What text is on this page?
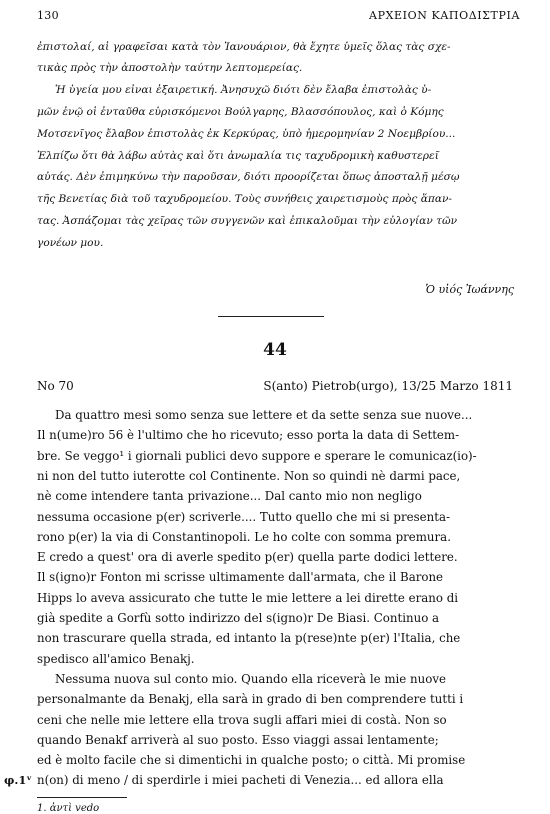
130	ΑΡΧΕΙΟΝ ΚΑΠΟΔΙΣΤΡΙΑ
ἐπιστολαί, αἱ γραφεῖσαι κατὰ τὸν Ἰανουάριον, θὰ ἔχητε ὑμεῖς ὅλας τὰς σχε-
τικὰς πρὸς τὴν ἀποστολὴν ταύτην λεπτομερείας.
Ἡ ὑγεία μου εἶναι ἐξαιρετική. Ἀνησυχῶ διότι δὲν ἔλαβα ἐπιστολὰς ὑ-
μῶν ἐνῷ οἱ ἐνταῦθα εὑρισκόμενοι Βούλγαρης, Βλασσόπουλος, καὶ ὁ Κόμης
Μοτσενῖγος ἔλαβον ἐπιστολὰς ἐκ Κερκύρας, ὑπὸ ἡμερομηνίαν 2 Νοεμβρίου...
Ἐλπίζω ὅτι θὰ λάβω αὐτὰς καὶ ὅτι ἀνωμαλία τις ταχυδρομικὴ καθυστερεῖ
αὐτάς. Δὲν ἐπιμηκύνω τὴν παροῦσαν, διότι προορίζεται ὅπως ἀποσταλῇ μέσῳ
τῆς Βενετίας διὰ τοῦ ταχυδρομείου. Τοὺς συνήθεις χαιρετισμοὺς πρὸς ἅπαν-
τας. Ἀσπάζομαι τὰς χεῖρας τῶν συγγενῶν καὶ ἐπικαλοῦμαι τὴν εὐλογίαν τῶν
γονέων μου.
Ὁ υἱός Ἰωάννης
44
No 70	S(anto) Pietrob(urgo), 13/25 Marzo 1811
Da quattro mesi somo senza sue lettere et da sette senza sue nuove...
Il n(ume)ro 56 è l'ultimo che ho ricevuto; esso porta la data di Settem-
bre. Se veggo¹ i giornali publici devo suppore e sperare le comunicaz(io)-
ni non del tutto iuterotte col Continente. Non so quindi nè darmi pace,
nè come intendere tanta privazione... Dal canto mio non negligo
nessuma occasione p(er) scriverle.... Tutto quello che mi si presenta-
rono p(er) la via di Constantinopoli. Le ho colte con somma premura.
E credo a quest' ora di averle spedito p(er) quella parte dodici lettere.
Il s(igno)r Fonton mi scrisse ultimamente dall'armata, che il Barone
Hipps lo aveva assicurato che tutte le mie lettere a lei dirette erano di
già spedite a Gorfù sotto indirizzo del s(igno)r De Biasi. Continuo a
non trascurare quella strada, ed intanto la p(rese)nte p(er) l'Italia, che
spedisco all'amico Benakj.
Nessuma nuova sul conto mio. Quando ella riceverà le mie nuove
personalmante da Benakj, ella sarà in grado di ben comprendere tutti i
ceni che nelle mie lettere ella trova sugli affari miei di costà. Non so
quando Benakf arriverà al suo posto. Esso viaggi assai lentamente;
ed è molto facile che si dimentichi in qualche posto; o città. Mi promise
n(on) di meno / di sperdirle i miei pacheti di Venezia... ed allora ella
φ.1ᵛ
1. ἀντὶ vedo
